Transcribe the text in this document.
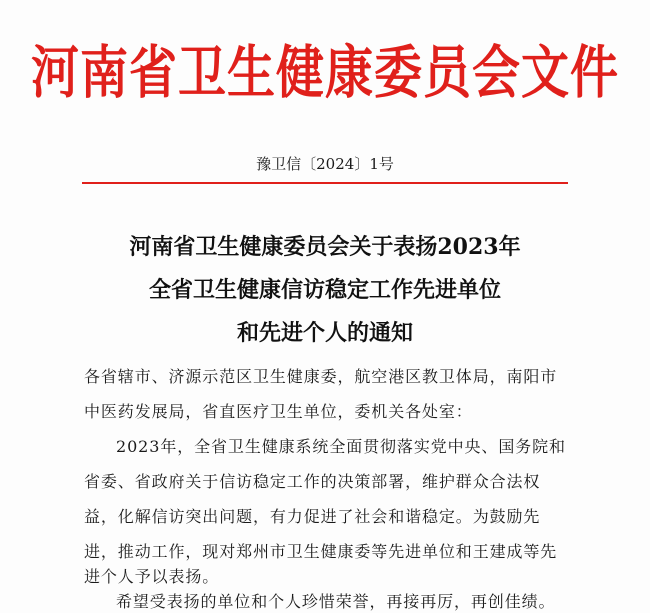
河南省卫生健康委员会文件
豫卫信〔2024〕1号
河南省卫生健康委员会关于表扬2023年
全省卫生健康信访稳定工作先进单位
和先进个人的通知
各省辖市、济源示范区卫生健康委，航空港区教卫体局，南阳市
中医药发展局，省直医疗卫生单位，委机关各处室：
2023年，全省卫生健康系统全面贯彻落实党中央、国务院和
省委、省政府关于信访稳定工作的决策部署，维护群众合法权
益，化解信访突出问题，有力促进了社会和谐稳定。为鼓励先
进，推动工作，现对郑州市卫生健康委等先进单位和王建成等先
进个人予以表扬。
希望受表扬的单位和个人珍惜荣誉，再接再厉，再创佳绩。
